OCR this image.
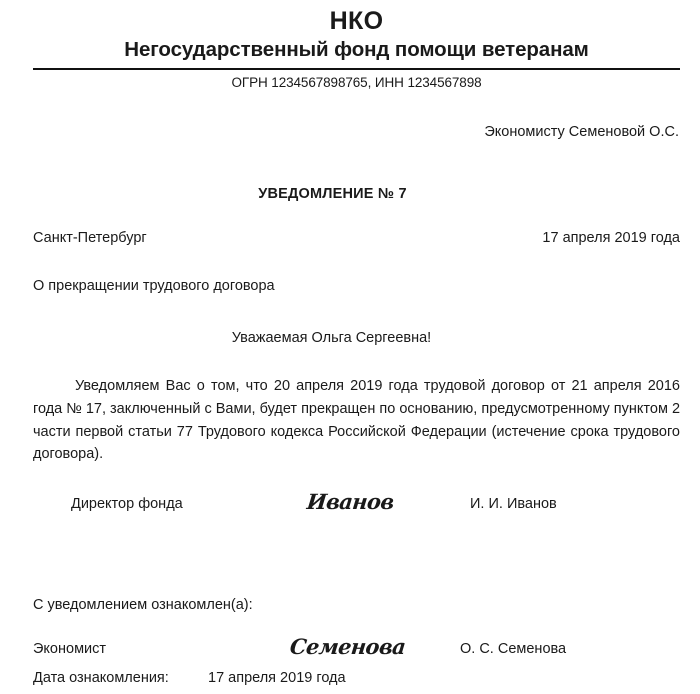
НКО
Негосударственный фонд помощи ветеранам
ОГРН 1234567898765, ИНН 1234567898
Экономисту Семеновой О.С.
УВЕДОМЛЕНИЕ № 7
Санкт-Петербург	17 апреля 2019 года
О прекращении трудового договора
Уважаемая Ольга Сергеевна!
Уведомляем Вас о том, что 20 апреля 2019 года трудовой договор от 21 апреля 2016 года № 17, заключенный с Вами, будет прекращен по основанию, предусмотренному пунктом 2 части первой статьи 77 Трудового кодекса Российской Федерации (истечение срока трудового договора).
Директор фонда	Иванов	И. И. Иванов
С уведомлением ознакомлен(а):
Экономист	Семенова	О. С. Семенова
Дата ознакомления:	17 апреля 2019 года
